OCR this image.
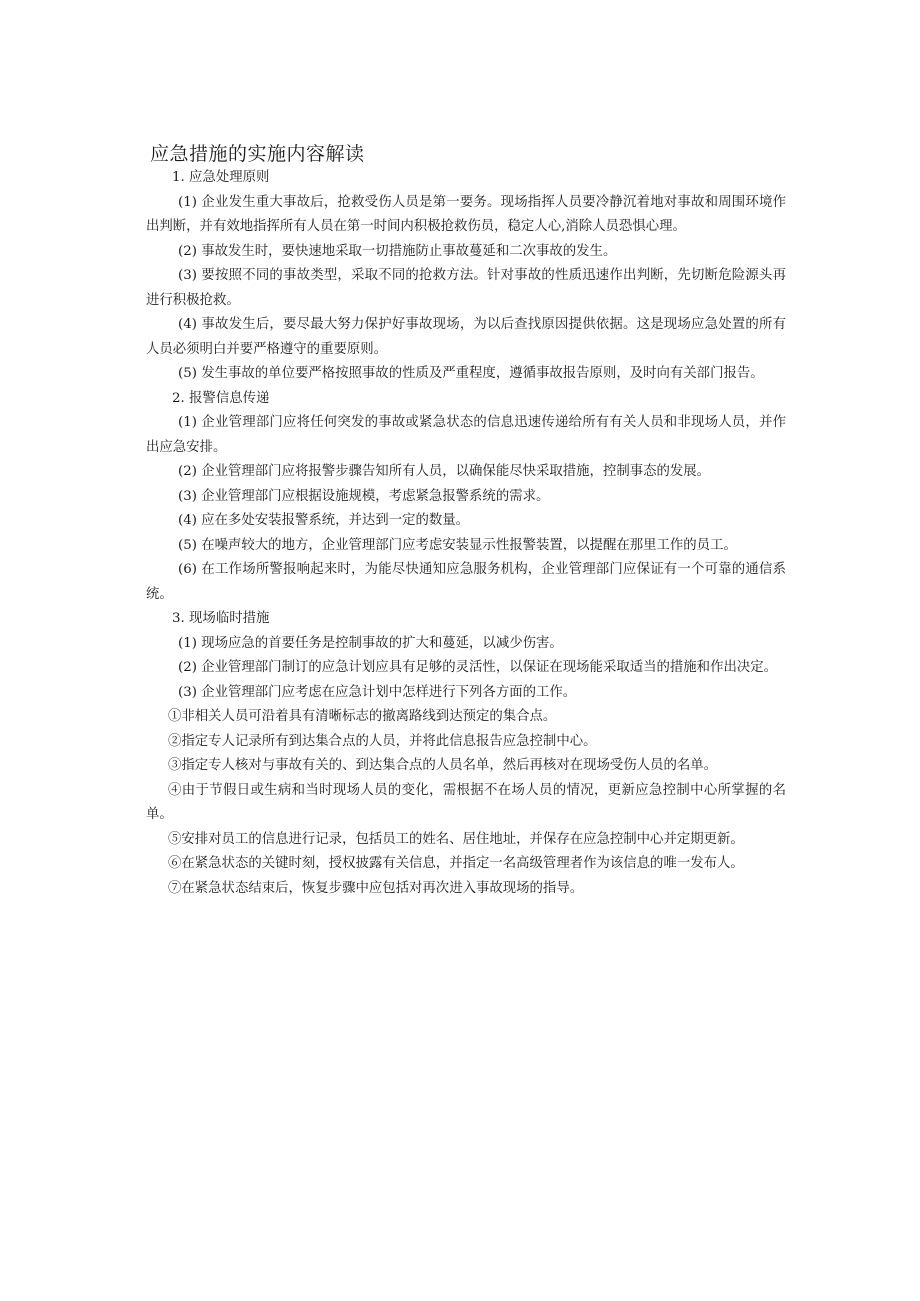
应急措施的实施内容解读

1. 应急处理原则

(1) 企业发生重大事故后，抢救受伤人员是第一要务。现场指挥人员要冷静沉着地对事故和周围环境作出判断，并有效地指挥所有人员在第一时间内积极抢救伤员，稳定人心,消除人员恐惧心理。

(2) 事故发生时，要快速地采取一切措施防止事故蔓延和二次事故的发生。

(3) 要按照不同的事故类型，采取不同的抢救方法。针对事故的性质迅速作出判断，先切断危险源头再进行积极抢救。

(4) 事故发生后，要尽最大努力保护好事故现场，为以后查找原因提供依据。这是现场应急处置的所有人员必须明白并要严格遵守的重要原则。

(5) 发生事故的单位要严格按照事故的性质及严重程度，遵循事故报告原则，及时向有关部门报告。

2. 报警信息传递

(1) 企业管理部门应将任何突发的事故或紧急状态的信息迅速传递给所有有关人员和非现场人员，并作出应急安排。

(2) 企业管理部门应将报警步骤告知所有人员，以确保能尽快采取措施，控制事态的发展。

(3) 企业管理部门应根据设施规模，考虑紧急报警系统的需求。

(4) 应在多处安装报警系统，并达到一定的数量。

(5) 在噪声较大的地方，企业管理部门应考虑安装显示性报警装置，以提醒在那里工作的员工。

(6) 在工作场所警报响起来时，为能尽快通知应急服务机构，企业管理部门应保证有一个可靠的通信系统。

3. 现场临时措施

(1) 现场应急的首要任务是控制事故的扩大和蔓延，以减少伤害。

(2) 企业管理部门制订的应急计划应具有足够的灵活性，以保证在现场能采取适当的措施和作出决定。

(3) 企业管理部门应考虑在应急计划中怎样进行下列各方面的工作。

①非相关人员可沿着具有清晰标志的撤离路线到达预定的集合点。

②指定专人记录所有到达集合点的人员，并将此信息报告应急控制中心。

③指定专人核对与事故有关的、到达集合点的人员名单，然后再核对在现场受伤人员的名单。

④由于节假日或生病和当时现场人员的变化，需根据不在场人员的情况，更新应急控制中心所掌握的名单。

⑤安排对员工的信息进行记录，包括员工的姓名、居住地址，并保存在应急控制中心并定期更新。

⑥在紧急状态的关键时刻，授权披露有关信息，并指定一名高级管理者作为该信息的唯一发布人。

⑦在紧急状态结束后，恢复步骤中应包括对再次进入事故现场的指导。
